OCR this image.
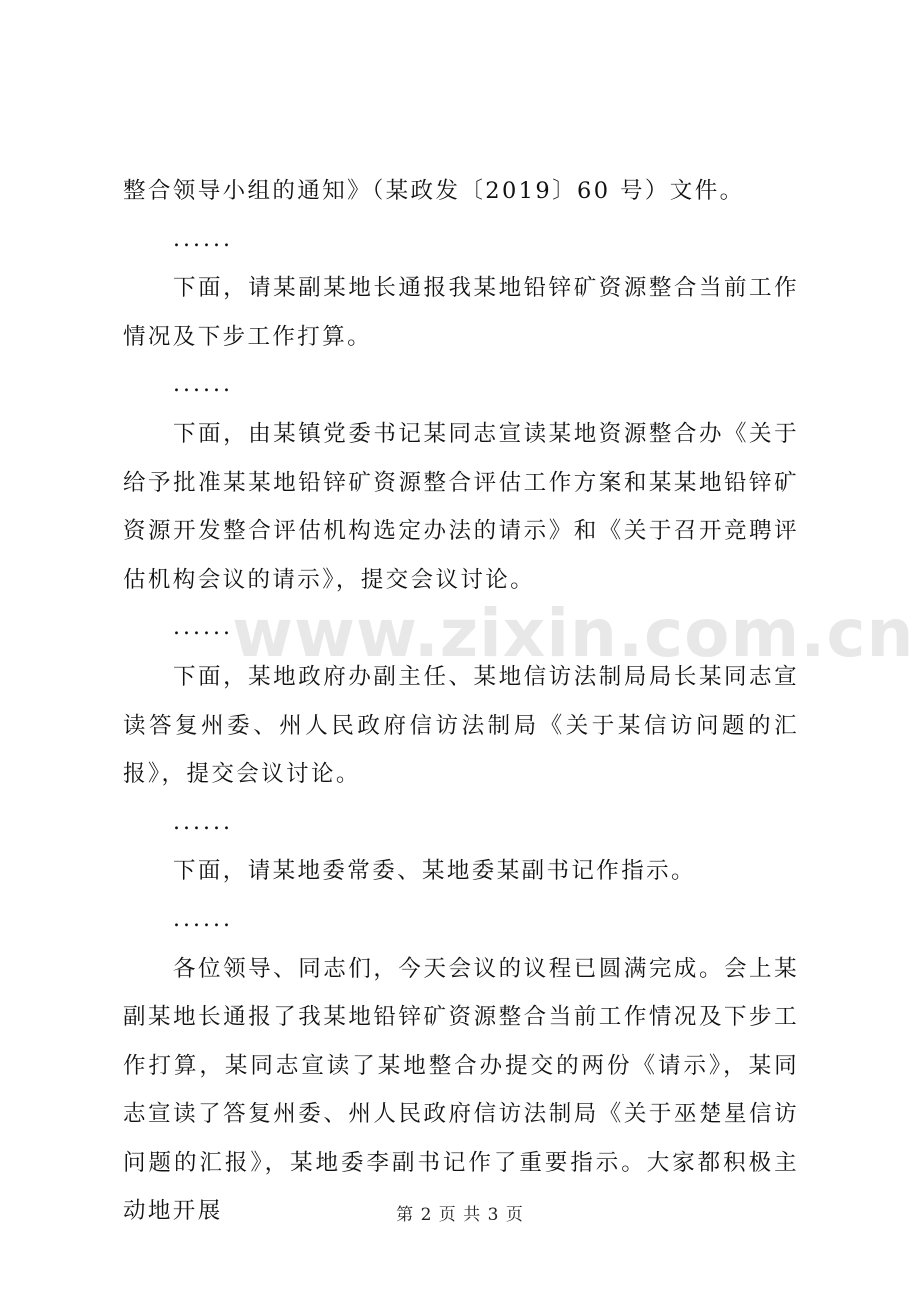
www.zixin.com.cn

整合领导小组的通知》（某政发〔2019〕60 号）文件。

......

下面，请某副某地长通报我某地铅锌矿资源整合当前工作情况及下步工作打算。

......

下面，由某镇党委书记某同志宣读某地资源整合办《关于给予批准某某地铅锌矿资源整合评估工作方案和某某地铅锌矿资源开发整合评估机构选定办法的请示》和《关于召开竞聘评估机构会议的请示》，提交会议讨论。

......

下面，某地政府办副主任、某地信访法制局局长某同志宣读答复州委、州人民政府信访法制局《关于某信访问题的汇报》，提交会议讨论。

......

下面，请某地委常委、某地委某副书记作指示。

......

各位领导、同志们，今天会议的议程已圆满完成。会上某副某地长通报了我某地铅锌矿资源整合当前工作情况及下步工作打算，某同志宣读了某地整合办提交的两份《请示》，某同志宣读了答复州委、州人民政府信访法制局《关于巫楚星信访问题的汇报》，某地委李副书记作了重要指示。大家都积极主动地开展	第 2 页 共 3 页
